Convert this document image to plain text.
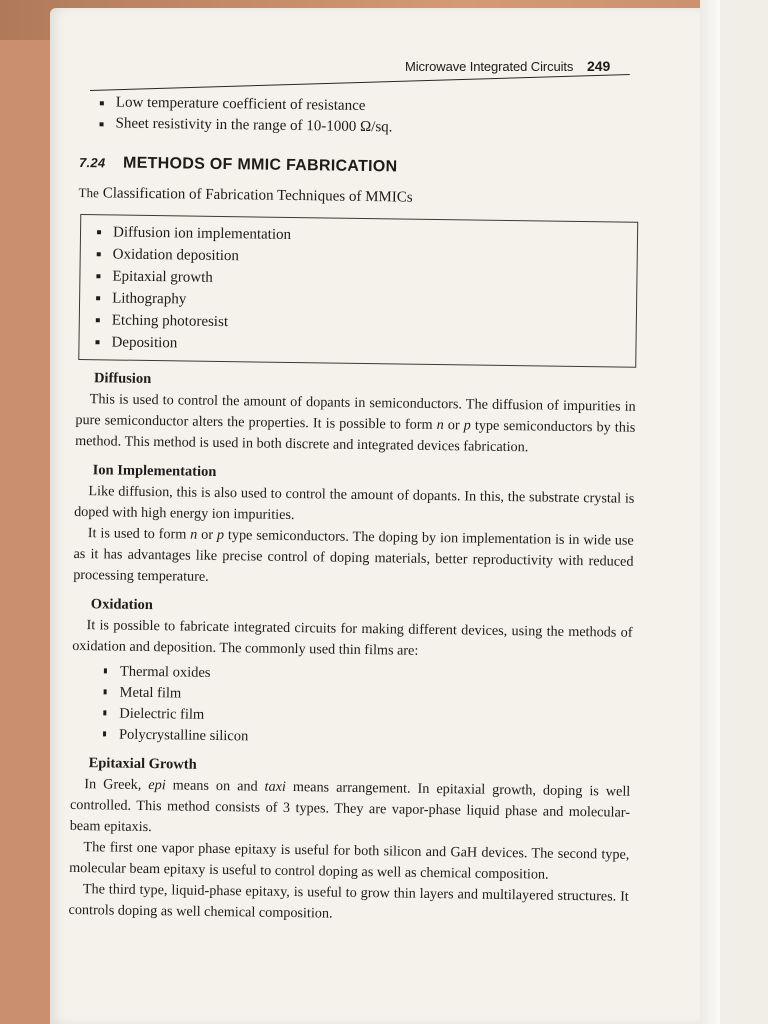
Microwave Integrated Circuits 249
Low temperature coefficient of resistance
Sheet resistivity in the range of 10-1000 Ω/sq.
7.24 METHODS OF MMIC FABRICATION
The Classification of Fabrication Techniques of MMICs
Diffusion ion implementation
Oxidation deposition
Epitaxial growth
Lithography
Etching photoresist
Deposition
Diffusion
This is used to control the amount of dopants in semiconductors. The diffusion of impurities in pure semiconductor alters the properties. It is possible to form n or p type semiconductors by this method. This method is used in both discrete and integrated devices fabrication.
Ion Implementation
Like diffusion, this is also used to control the amount of dopants. In this, the substrate crystal is doped with high energy ion impurities.
It is used to form n or p type semiconductors. The doping by ion implementation is in wide use as it has advantages like precise control of doping materials, better reproductivity with reduced processing temperature.
Oxidation
It is possible to fabricate integrated circuits for making different devices, using the methods of oxidation and deposition. The commonly used thin films are:
Thermal oxides
Metal film
Dielectric film
Polycrystalline silicon
Epitaxial Growth
In Greek, epi means on and taxi means arrangement. In epitaxial growth, doping is well controlled. This method consists of 3 types. They are vapor-phase liquid phase and molecular-beam epitaxis.
The first one vapor phase epitaxy is useful for both silicon and GaH devices. The second type, molecular beam epitaxy is useful to control doping as well as chemical composition.
The third type, liquid-phase epitaxy, is useful to grow thin layers and multilayered structures. It controls doping as well chemical composition.
